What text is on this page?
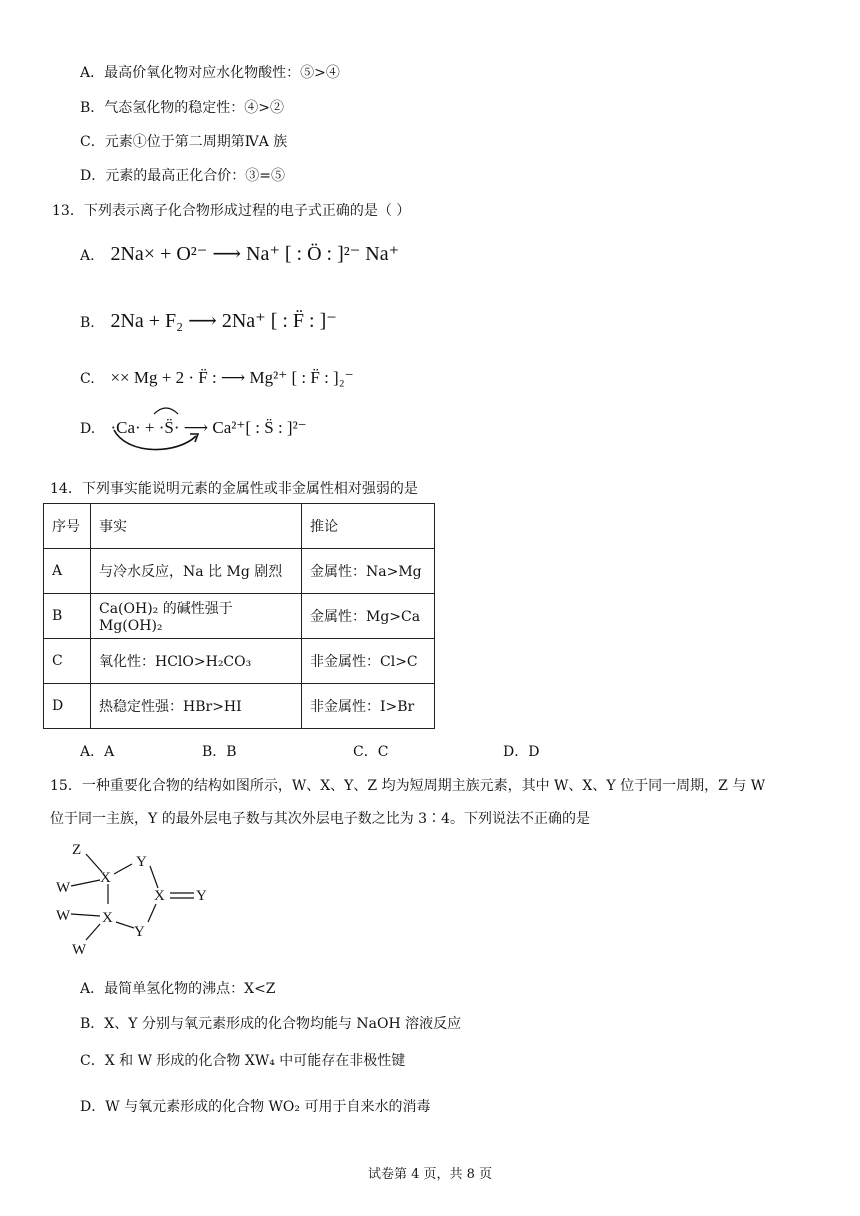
A．最高价氧化物对应水化物酸性：⑤>④
B．气态氢化物的稳定性：④>②
C．元素①位于第二周期第ⅣA 族
D．元素的最高正化合价：③=⑤
13．下列表示离子化合物形成过程的电子式正确的是（ ）
A. 2Na× + O²⁻ ⟶ Na⁺ [ : Ö : ]²⁻ Na⁺
B. 2Na + F₂ ⟶ 2Na⁺ [ : F̈ : ]⁻
C. ×× Mg + 2 · F̈ : ⟶ Mg²⁺ [ : F̈ : ]₂⁻
D. ·Ca· + ·S̈· ⟶ Ca²⁺[ : S̈ : ]²⁻
14．下列事实能说明元素的金属性或非金属性相对强弱的是
序号	事实	推论
A	与冷水反应，Na 比 Mg 剧烈	金属性：Na>Mg
B	Ca(OH)₂ 的碱性强于 Mg(OH)₂	金属性：Mg>Ca
C	氧化性：HClO>H₂CO₃	非金属性：Cl>C
D	热稳定性强：HBr>HI	非金属性：I>Br
A．A	B．B	C．C	D．D
15．一种重要化合物的结构如图所示，W、X、Y、Z 均为短周期主族元素，其中 W、X、Y 位于同一周期，Z 与 W
位于同一主族，Y 的最外层电子数与其次外层电子数之比为 3∶4。下列说法不正确的是
Z
W
X
Y
X Y
W X
Y
W
A．最简单氢化物的沸点：X<Z
B．X、Y 分别与氧元素形成的化合物均能与 NaOH 溶液反应
C．X 和 W 形成的化合物 XW₄ 中可能存在非极性键
D．W 与氧元素形成的化合物 WO₂ 可用于自来水的消毒
试卷第 4 页，共 8 页
